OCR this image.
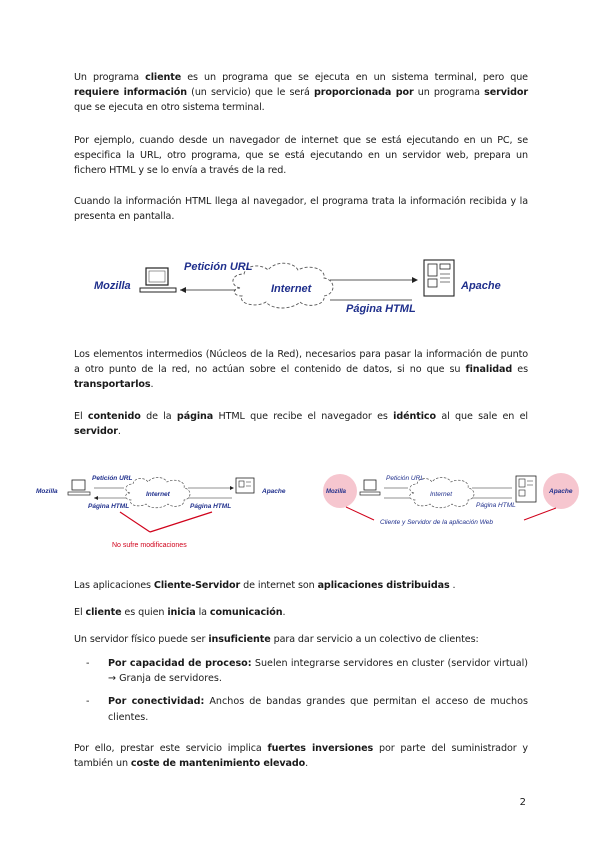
Un programa cliente es un programa que se ejecuta en un sistema terminal, pero que requiere información (un servicio) que le será proporcionada por un programa servidor que se ejecuta en otro sistema terminal.

Por ejemplo, cuando desde un navegador de internet que se está ejecutando en un PC, se especifica la URL, otro programa, que se está ejecutando en un servidor web, prepara un fichero HTML y se lo envía a través de la red.

Cuando la información HTML llega al navegador, el programa trata la información recibida y la presenta en pantalla.

Mozilla	Internet
Petición URL
Página HTML
Apache

Los elementos intermedios (Núcleos de la Red), necesarios para pasar la información de punto a otro punto de la red, no actúan sobre el contenido de datos, si no que su finalidad es transportarlos.

El contenido de la página HTML que recibe el navegador es idéntico al que sale en el servidor.

Mozilla	Internet
Petición URL
Página HTML	Página HTML
Apache
No sufre modificaciones
Mozilla	Internet
Petición URL
Página HTML
Apache
Cliente y Servidor de la aplicación Web

Las aplicaciones Cliente-Servidor de internet son aplicaciones distribuidas .

El cliente es quien inicia la comunicación.

Un servidor físico puede ser insuficiente para dar servicio a un colectivo de clientes:

- Por capacidad de proceso: Suelen integrarse servidores en cluster (servidor virtual) → Granja de servidores.
- Por conectividad: Anchos de bandas grandes que permitan el acceso de muchos clientes.

Por ello, prestar este servicio implica fuertes inversiones por parte del suministrador y también un coste de mantenimiento elevado.

2
